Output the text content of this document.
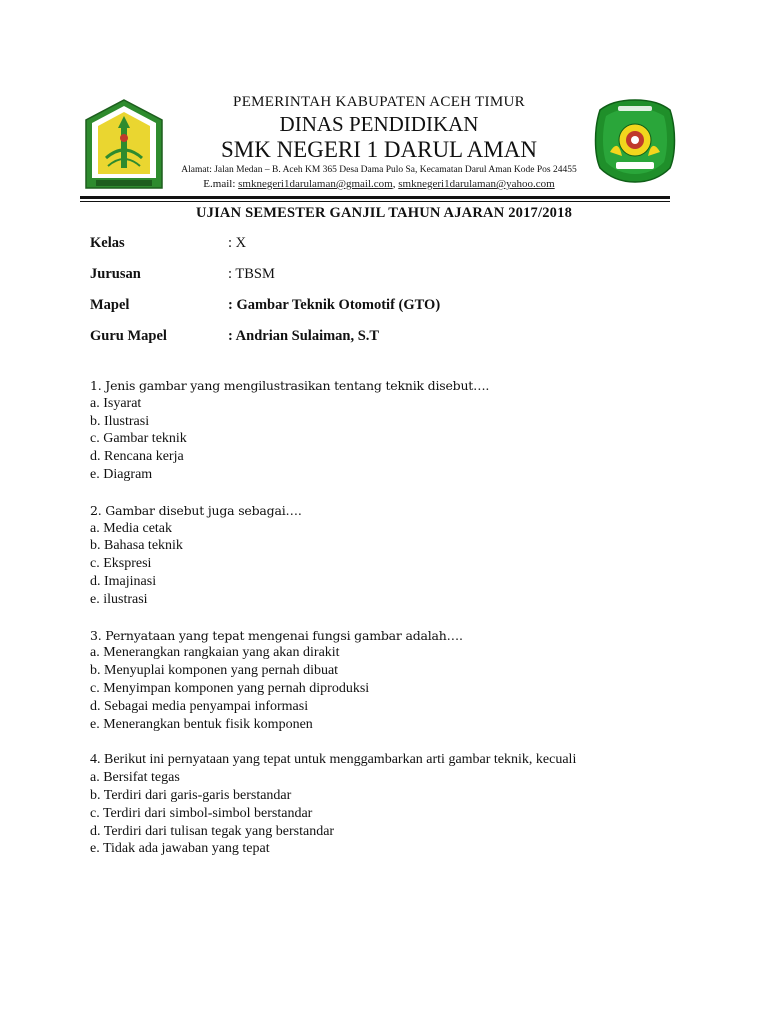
PEMERINTAH KABUPATEN ACEH TIMUR
DINAS PENDIDIKAN
SMK NEGERI 1 DARUL AMAN
Alamat: Jalan Medan – B. Aceh KM 365 Desa Dama Pulo Sa, Kecamatan Darul Aman Kode Pos 24455
E.mail: smknegeri1darulaman@gmail.com, smknegeri1darulaman@yahoo.com
UJIAN SEMESTER GANJIL TAHUN AJARAN 2017/2018
Kelas	: X
Jurusan	: TBSM
Mapel	: Gambar Teknik Otomotif (GTO)
Guru Mapel	: Andrian Sulaiman, S.T
1. Jenis gambar yang mengilustrasikan tentang teknik disebut….
a. Isyarat
b. Ilustrasi
c. Gambar teknik
d. Rencana kerja
e. Diagram
2. Gambar disebut juga sebagai….
a. Media cetak
b. Bahasa teknik
c. Ekspresi
d. Imajinasi
e. ilustrasi
3. Pernyataan yang tepat mengenai fungsi gambar adalah….
a. Menerangkan rangkaian yang akan dirakit
b. Menyuplai komponen yang pernah dibuat
c. Menyimpan komponen yang pernah diproduksi
d. Sebagai media penyampai informasi
e. Menerangkan bentuk fisik komponen
4. Berikut ini pernyataan yang tepat untuk menggambarkan arti gambar teknik, kecuali
a. Bersifat tegas
b. Terdiri dari garis-garis berstandar
c. Terdiri dari simbol-simbol berstandar
d. Terdiri dari tulisan tegak yang berstandar
e. Tidak ada jawaban yang tepat
